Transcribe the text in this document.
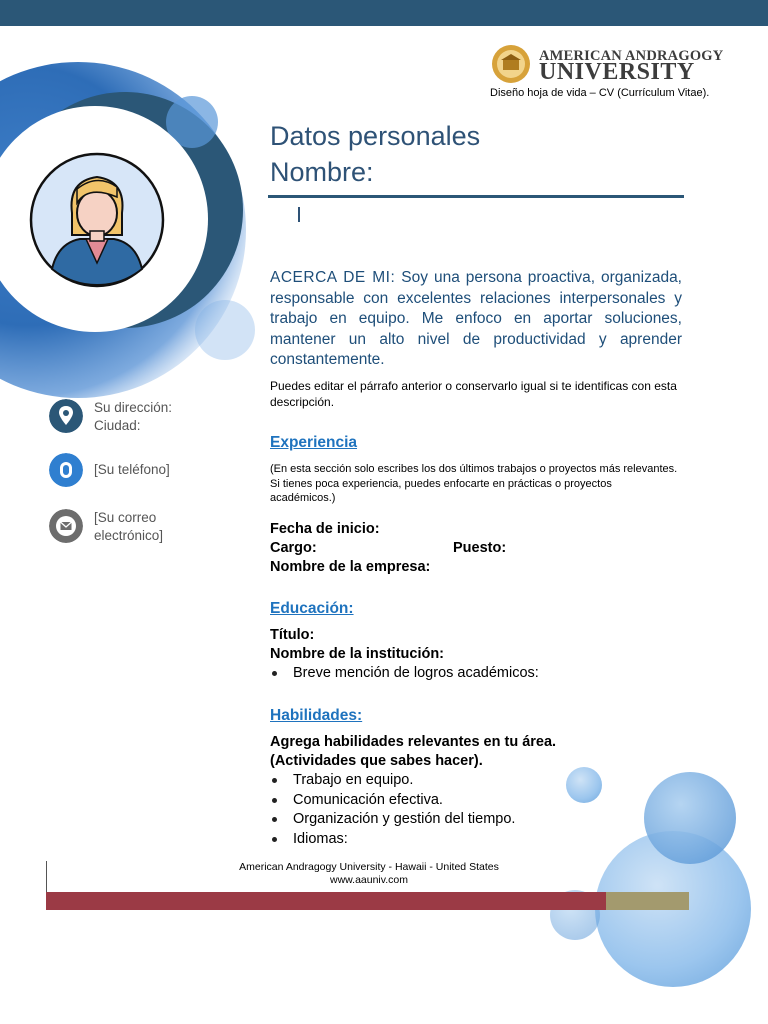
AMERICAN ANDRAGOGY
UNIVERSITY
Diseño hoja de vida – CV (Currículum Vitae).
Datos personales
Nombre:
ACERCA DE MI: Soy una persona proactiva, organizada, responsable con excelentes relaciones interpersonales y trabajo en equipo. Me enfoco en aportar soluciones, mantener un alto nivel de productividad y aprender constantemente.
Puedes editar el párrafo anterior o conservarlo igual si te identificas con esta descripción.
Su dirección:
Ciudad:
[Su teléfono]
[Su correo
electrónico]
Experiencia
(En esta sección solo escribes los dos últimos trabajos o proyectos más relevantes. Si tienes poca experiencia, puedes enfocarte en prácticas o proyectos académicos.)
Fecha de inicio:
Cargo:	Puesto:
Nombre de la empresa:
Educación:
Título:
Nombre de la institución:
Breve mención de logros académicos:
Habilidades:
Agrega habilidades relevantes en tu área.
(Actividades que sabes hacer).
Trabajo en equipo.
Comunicación efectiva.
Organización y gestión del tiempo.
Idiomas:
American Andragogy University - Hawaii - United States
www.aauniv.com
